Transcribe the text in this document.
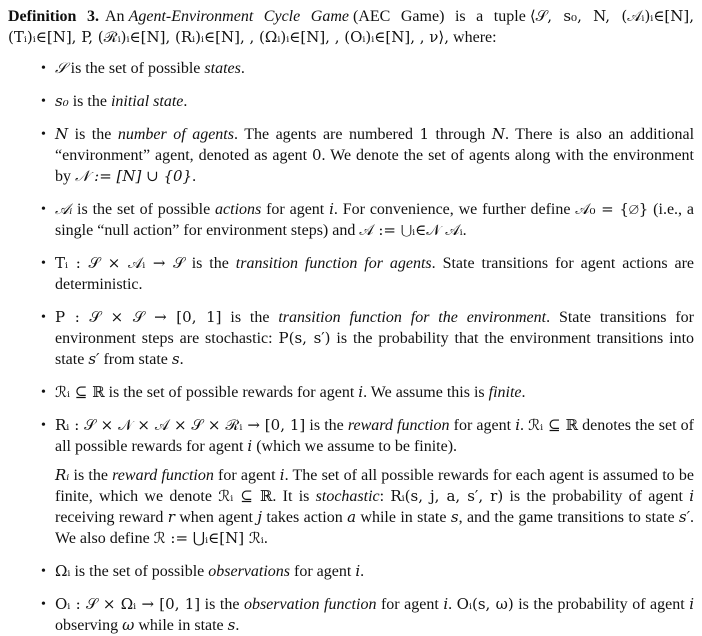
Definition 3. An Agent-Environment Cycle Game (AEC Game) is a tuple ⟨𝒮, s₀, N, (𝒜ᵢ)ᵢ∈[N], (Tᵢ)ᵢ∈[N], P, (ℛᵢ)ᵢ∈[N], (Rᵢ)ᵢ∈[N], , (Ωᵢ)ᵢ∈[N], , (Oᵢ)ᵢ∈[N], , ν⟩, where:

• 𝒮 is the set of possible states.
• s₀ is the initial state.
• N is the number of agents. The agents are numbered 1 through N. There is also an additional “environment” agent, denoted as agent 0. We denote the set of agents along with the environment by 𝒩 := [N] ∪ {0}.
• 𝒜ᵢ is the set of possible actions for agent i. For convenience, we further define 𝒜₀ = {∅} (i.e., a single “null action” for environment steps) and 𝒜 := ⋃ᵢ∈𝒩 𝒜ᵢ.
• Tᵢ : 𝒮 × 𝒜ᵢ → 𝒮 is the transition function for agents. State transitions for agent actions are deterministic.
• P : 𝒮 × 𝒮 → [0, 1] is the transition function for the environment. State transitions for environment steps are stochastic: P(s, s′) is the probability that the environment transitions into state s′ from state s.
• ℛᵢ ⊆ ℝ is the set of possible rewards for agent i. We assume this is finite.
• Rᵢ : 𝒮 × 𝒩 × 𝒜 × 𝒮 × ℛᵢ → [0, 1] is the reward function for agent i. ℛᵢ ⊆ ℝ denotes the set of all possible rewards for agent i (which we assume to be finite).

Rᵢ is the reward function for agent i. The set of all possible rewards for each agent is assumed to be finite, which we denote ℛᵢ ⊆ ℝ. It is stochastic: Rᵢ(s, j, a, s′, r) is the probability of agent i receiving reward r when agent j takes action a while in state s, and the game transitions to state s′. We also define ℛ := ⋃ᵢ∈[N] ℛᵢ.

• Ωᵢ is the set of possible observations for agent i.
• Oᵢ : 𝒮 × Ωᵢ → [0, 1] is the observation function for agent i. Oᵢ(s, ω) is the probability of agent i observing ω while in state s.
